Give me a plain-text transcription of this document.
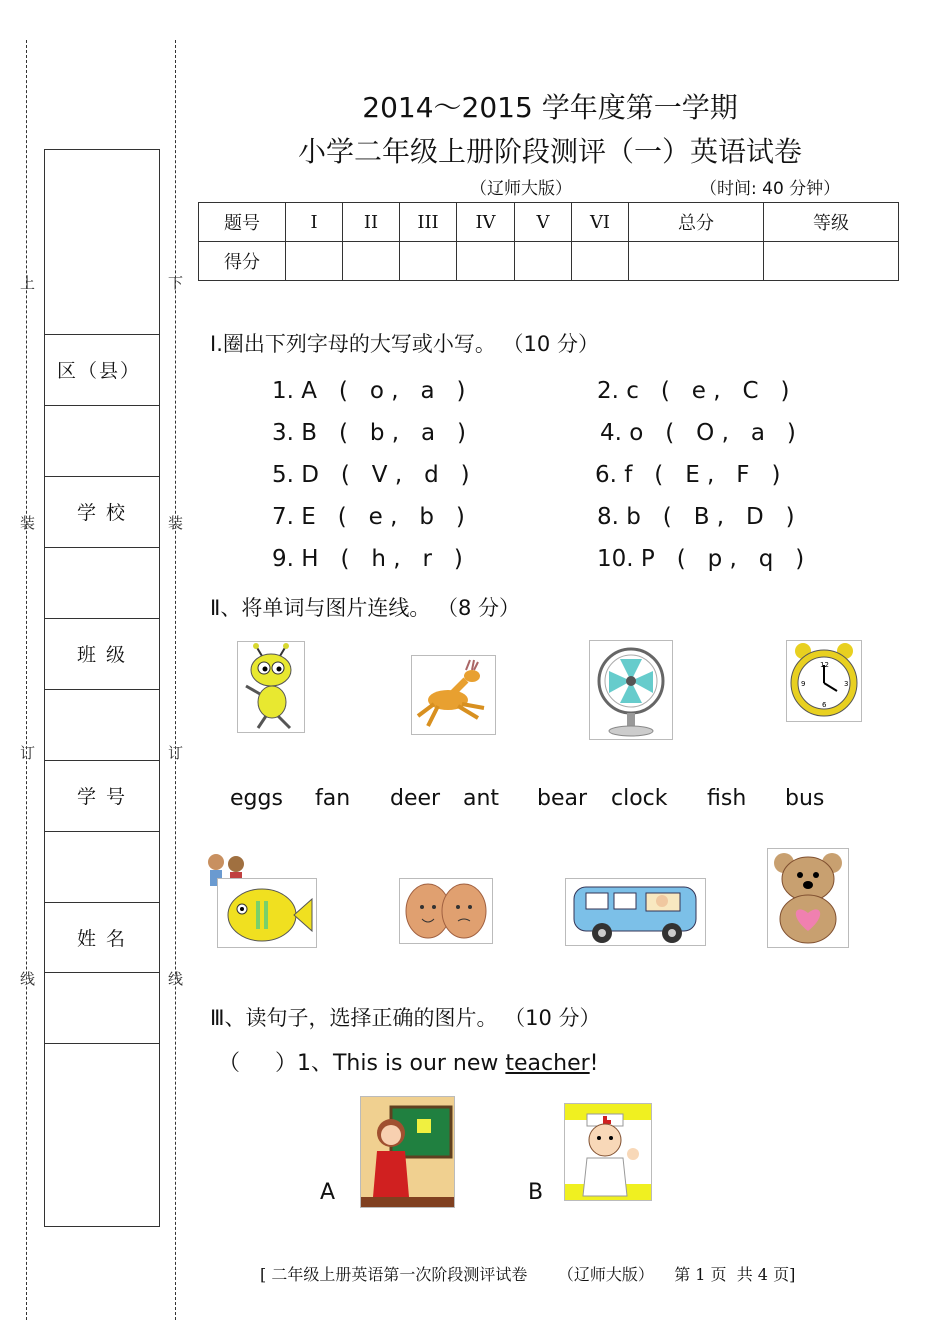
上	下
装	装
订	订
线	线
区（县）
学 校
班 级
学 号
姓 名
2014～2015 学年度第一学期
小学二年级上册阶段测评（一）英语试卷
（辽师大版）	（时间: 40 分钟）
题号	I	II	III	IV	V	VI	总分	等级
得分								
Ⅰ.圈出下列字母的大写或小写。 （10 分）
1. A   (   o ,   a   )	2. c   (   e ,   C   )
3. B   (   b ,   a   )	4. o   (   O ,   a   )
5. D   (   V ,   d   )	6. f   (   E ,   F   )
7. E   (   e ,   b   )	8. b   (   B ,   D   )
9. H   (   h ,   r   )	10. P   (   p ,   q   )
Ⅱ、将单词与图片连线。 （8 分）
12
3
6
9
eggs fan deer ant bear clock fish bus
Ⅲ、读句子，选择正确的图片。 （10 分）
（     ）1、This is our new teacher!
A	B
[ 二年级上册英语第一次阶段测评试卷      （辽师大版）    第 1 页  共 4 页]
